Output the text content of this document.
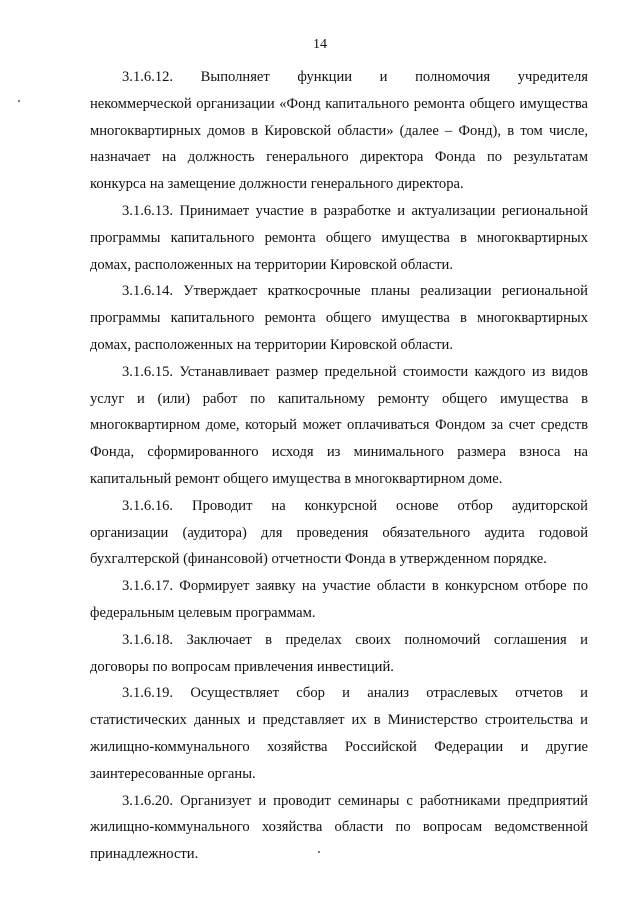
14

3.1.6.12. Выполняет функции и полномочия учредителя
некоммерческой организации «Фонд капитального ремонта общего имущества
многоквартирных домов в Кировской области» (далее – Фонд), в том числе,
назначает на должность генерального директора Фонда по результатам
конкурса на замещение должности генерального директора.

3.1.6.13. Принимает участие в разработке и актуализации региональной
программы капитального ремонта общего имущества в многоквартирных
домах, расположенных на территории Кировской области.

3.1.6.14. Утверждает краткосрочные планы реализации региональной
программы капитального ремонта общего имущества в многоквартирных
домах, расположенных на территории Кировской области.

3.1.6.15. Устанавливает размер предельной стоимости каждого из видов
услуг и (или) работ по капитальному ремонту общего имущества в
многоквартирном доме, который может оплачиваться Фондом за счет средств
Фонда, сформированного исходя из минимального размера взноса на
капитальный ремонт общего имущества в многоквартирном доме.

3.1.6.16. Проводит на конкурсной основе отбор аудиторской
организации (аудитора) для проведения обязательного аудита годовой
бухгалтерской (финансовой) отчетности Фонда в утвержденном порядке.

3.1.6.17. Формирует заявку на участие области в конкурсном отборе по
федеральным целевым программам.

3.1.6.18. Заключает в пределах своих полномочий соглашения и
договоры по вопросам привлечения инвестиций.

3.1.6.19. Осуществляет сбор и анализ отраслевых отчетов и
статистических данных и представляет их в Министерство строительства и
жилищно-коммунального хозяйства Российской Федерации и другие
заинтересованные органы.

3.1.6.20. Организует и проводит семинары с работниками предприятий
жилищно-коммунального хозяйства области по вопросам ведомственной
принадлежности.
